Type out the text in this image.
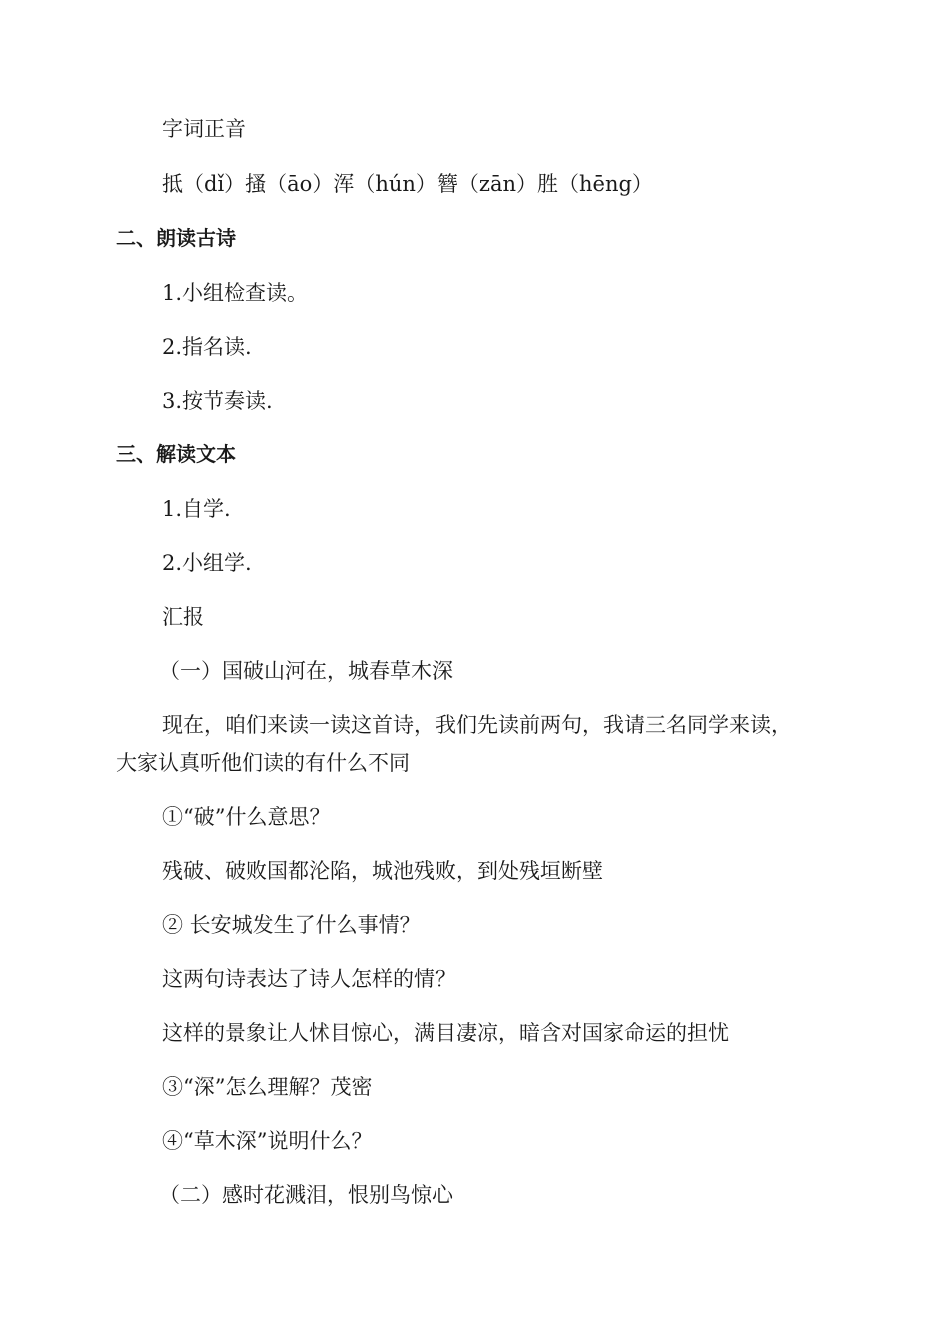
字词正音
抵（dǐ）搔（āo）浑（hún）簪（zān）胜（hēng）
二、朗读古诗
1.小组检查读。
2.指名读.
3.按节奏读.
三、解读文本
1.自学.
2.小组学.
汇报
（一）国破山河在，城春草木深
现在，咱们来读一读这首诗，我们先读前两句，我请三名同学来读，
大家认真听他们读的有什么不同
①“破”什么意思？
残破、破败国都沦陷，城池残败，到处残垣断壁
② 长安城发生了什么事情？
这两句诗表达了诗人怎样的情？
这样的景象让人怵目惊心，满目凄凉，暗含对国家命运的担忧
③“深”怎么理解？茂密
④“草木深”说明什么？
（二）感时花溅泪，恨别鸟惊心
